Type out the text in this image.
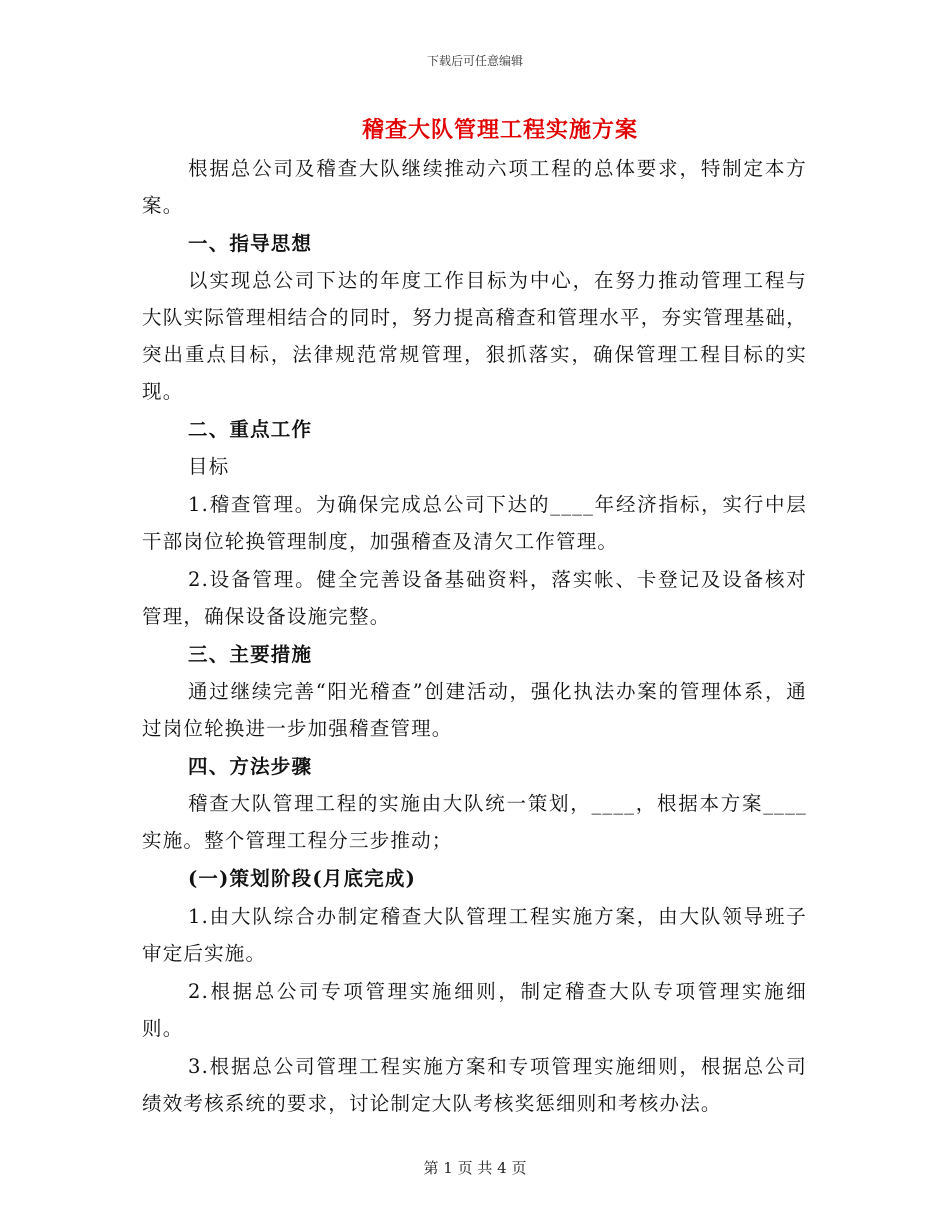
下载后可任意编辑
稽查大队管理工程实施方案

根据总公司及稽查大队继续推动六项工程的总体要求，特制定本方案。

一、指导思想

以实现总公司下达的年度工作目标为中心，在努力推动管理工程与大队实际管理相结合的同时，努力提高稽查和管理水平，夯实管理基础，突出重点目标，法律规范常规管理，狠抓落实，确保管理工程目标的实现。

二、重点工作

目标

1.稽查管理。为确保完成总公司下达的____年经济指标，实行中层干部岗位轮换管理制度，加强稽查及清欠工作管理。

2.设备管理。健全完善设备基础资料，落实帐、卡登记及设备核对管理，确保设备设施完整。

三、主要措施

通过继续完善“阳光稽查”创建活动，强化执法办案的管理体系，通过岗位轮换进一步加强稽查管理。

四、方法步骤

稽查大队管理工程的实施由大队统一策划，____，根据本方案____实施。整个管理工程分三步推动；

(一)策划阶段(月底完成)

1.由大队综合办制定稽查大队管理工程实施方案，由大队领导班子审定后实施。

2.根据总公司专项管理实施细则，制定稽查大队专项管理实施细则。

3.根据总公司管理工程实施方案和专项管理实施细则，根据总公司绩效考核系统的要求，讨论制定大队考核奖惩细则和考核办法。

第 1 页 共 4 页
